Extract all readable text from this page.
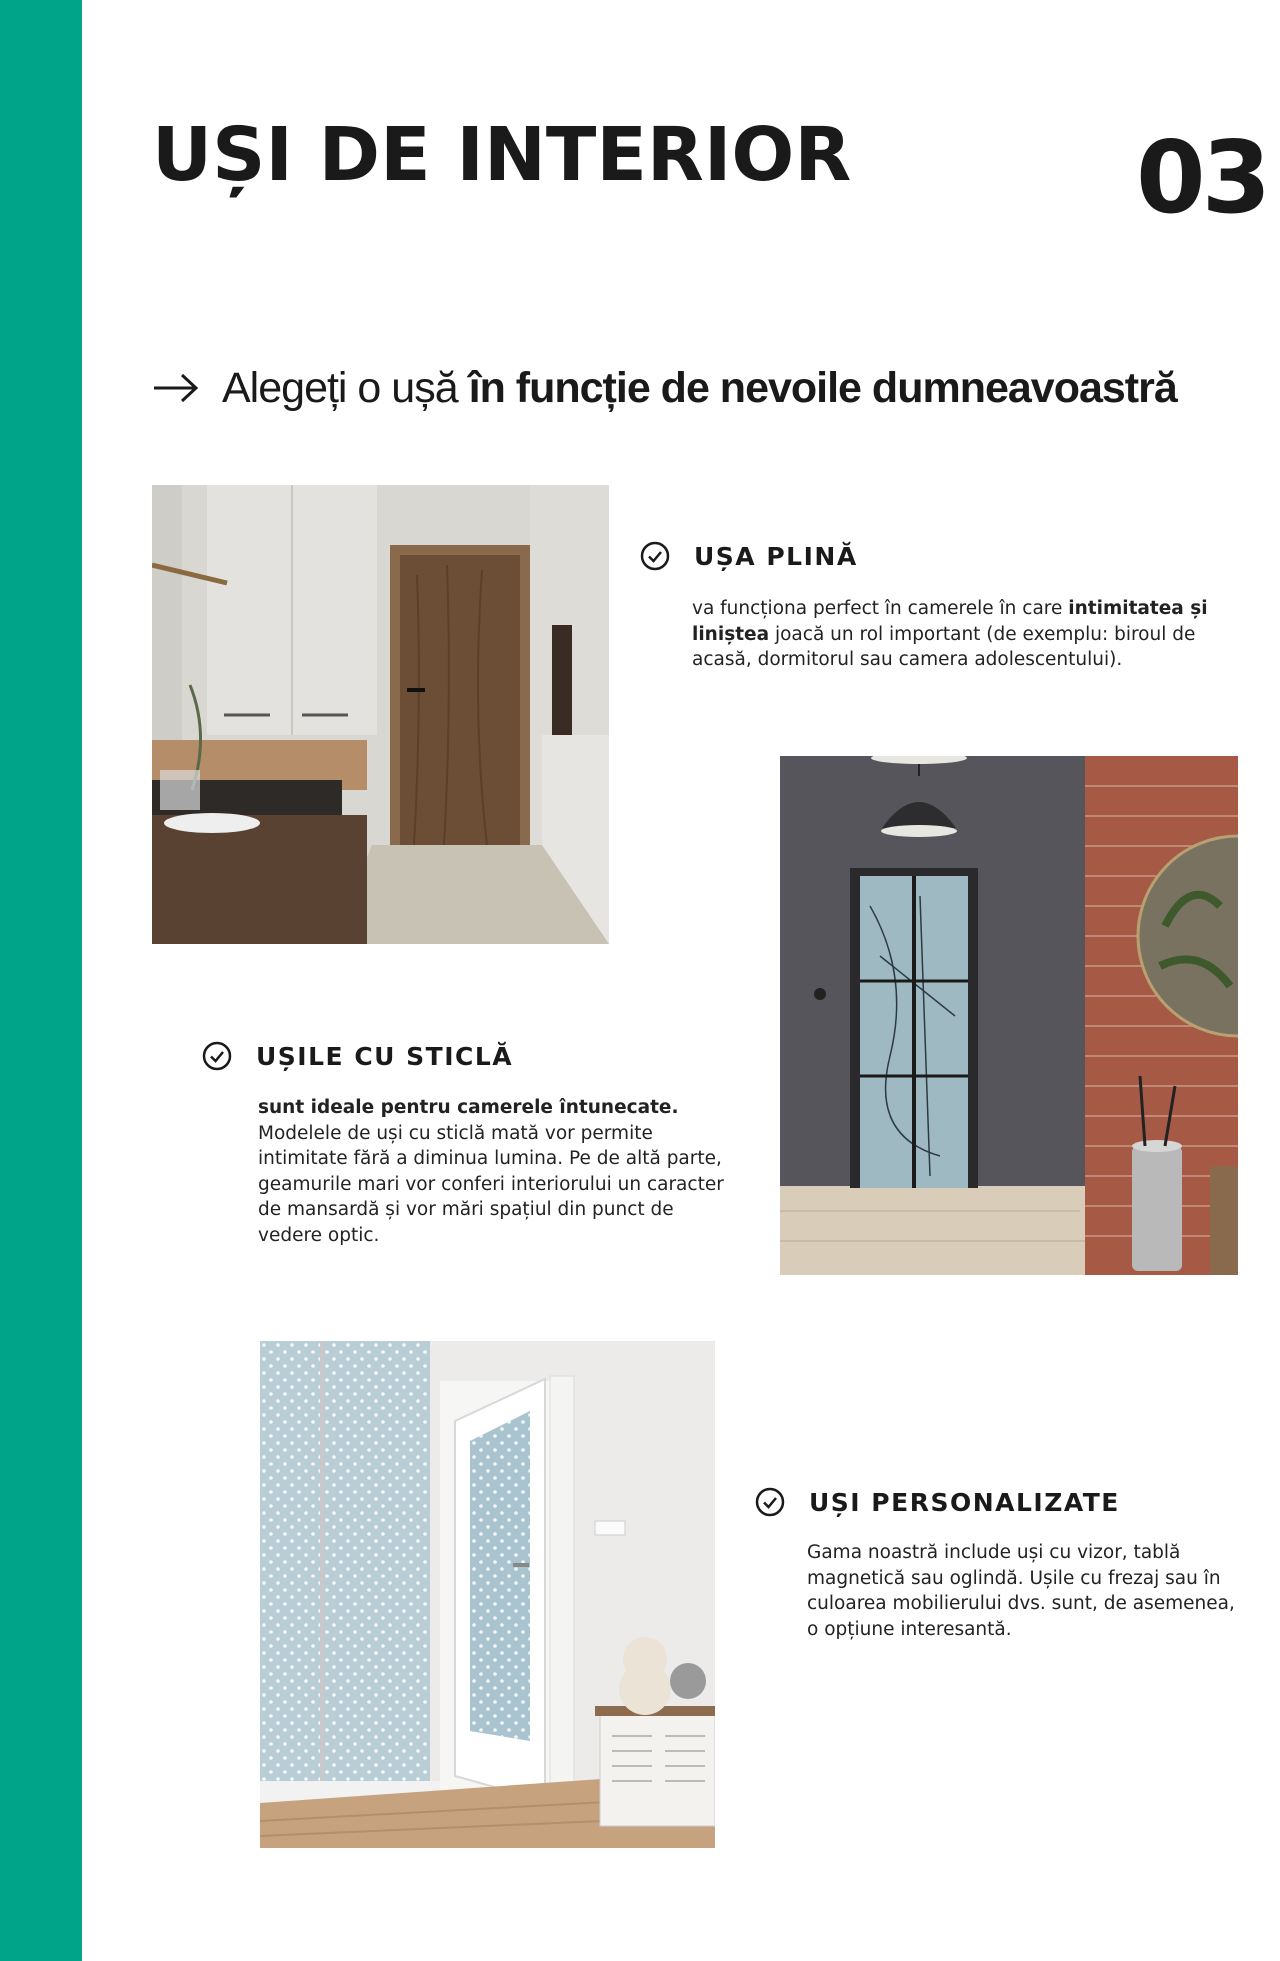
UȘI DE INTERIOR	03
Alegeți o ușă în funcție de nevoile dumneavoastră
UȘA PLINĂ

va funcționa perfect în camerele în care intimitatea și liniștea joacă un rol important (de exemplu: biroul de acasă, dormitorul sau camera adolescentului).

UȘILE CU STICLĂ

sunt ideale pentru camerele întunecate. Modelele de uși cu sticlă mată vor permite intimitate fără a diminua lumina. Pe de altă parte, geamurile mari vor conferi interiorului un caracter de mansardă și vor mări spațiul din punct de vedere optic.

UȘI PERSONALIZATE

Gama noastră include uși cu vizor, tablă magnetică sau oglindă. Ușile cu frezaj sau în culoarea mobilierului dvs. sunt, de asemenea, o opțiune interesantă.
